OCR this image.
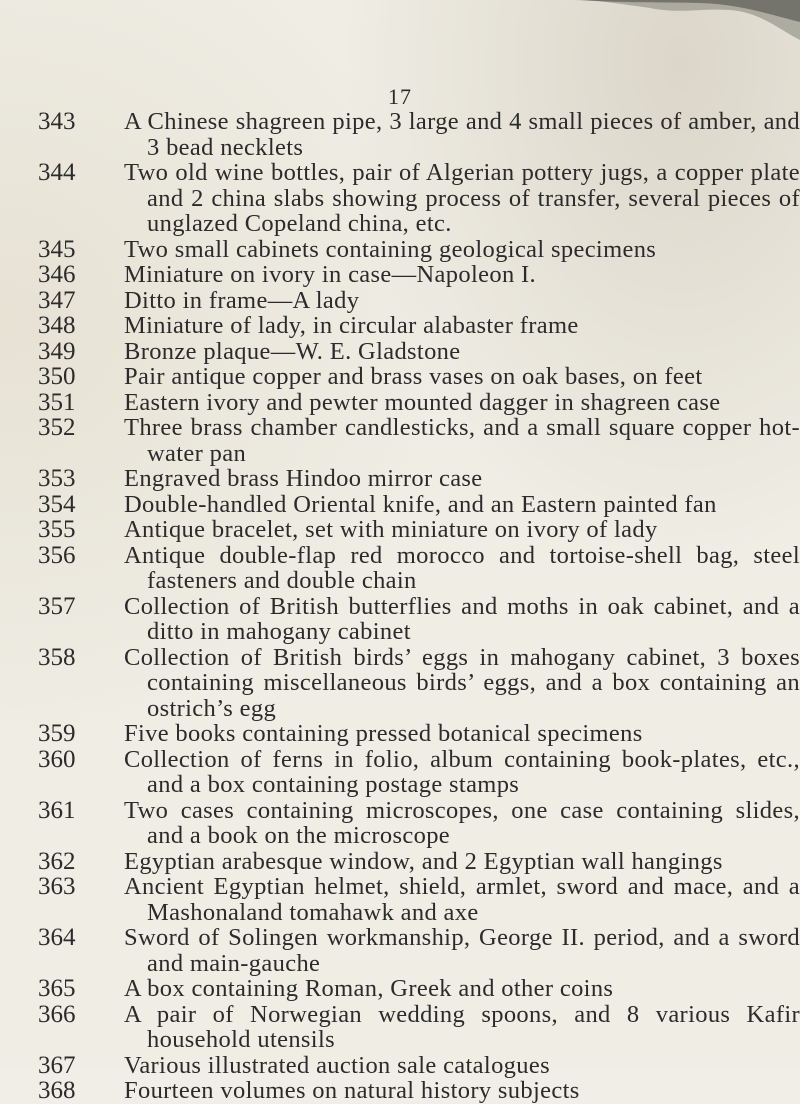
17
343	A Chinese shagreen pipe, 3 large and 4 small pieces of amber, and 3 bead necklets
344	Two old wine bottles, pair of Algerian pottery jugs, a copper plate and 2 china slabs showing process of transfer, several pieces of unglazed Copeland china, etc.
345	Two small cabinets containing geological specimens
346	Miniature on ivory in case—Napoleon I.
347	Ditto in frame—A lady
348	Miniature of lady, in circular alabaster frame
349	Bronze plaque—W. E. Gladstone
350	Pair antique copper and brass vases on oak bases, on feet
351	Eastern ivory and pewter mounted dagger in shagreen case
352	Three brass chamber candlesticks, and a small square copper hot-water pan
353	Engraved brass Hindoo mirror case
354	Double-handled Oriental knife, and an Eastern painted fan
355	Antique bracelet, set with miniature on ivory of lady
356	Antique double-flap red morocco and tortoise-shell bag, steel fasteners and double chain
357	Collection of British butterflies and moths in oak cabinet, and a ditto in mahogany cabinet
358	Collection of British birds’ eggs in mahogany cabinet, 3 boxes containing miscellaneous birds’ eggs, and a box containing an ostrich’s egg
359	Five books containing pressed botanical specimens
360	Collection of ferns in folio, album containing book-plates, etc., and a box containing postage stamps
361	Two cases containing microscopes, one case containing slides, and a book on the microscope
362	Egyptian arabesque window, and 2 Egyptian wall hangings
363	Ancient Egyptian helmet, shield, armlet, sword and mace, and a Mashonaland tomahawk and axe
364	Sword of Solingen workmanship, George II. period, and a sword and main-gauche
365	A box containing Roman, Greek and other coins
366	A pair of Norwegian wedding spoons, and 8 various Kafir household utensils
367	Various illustrated auction sale catalogues
368	Fourteen volumes on natural history subjects
